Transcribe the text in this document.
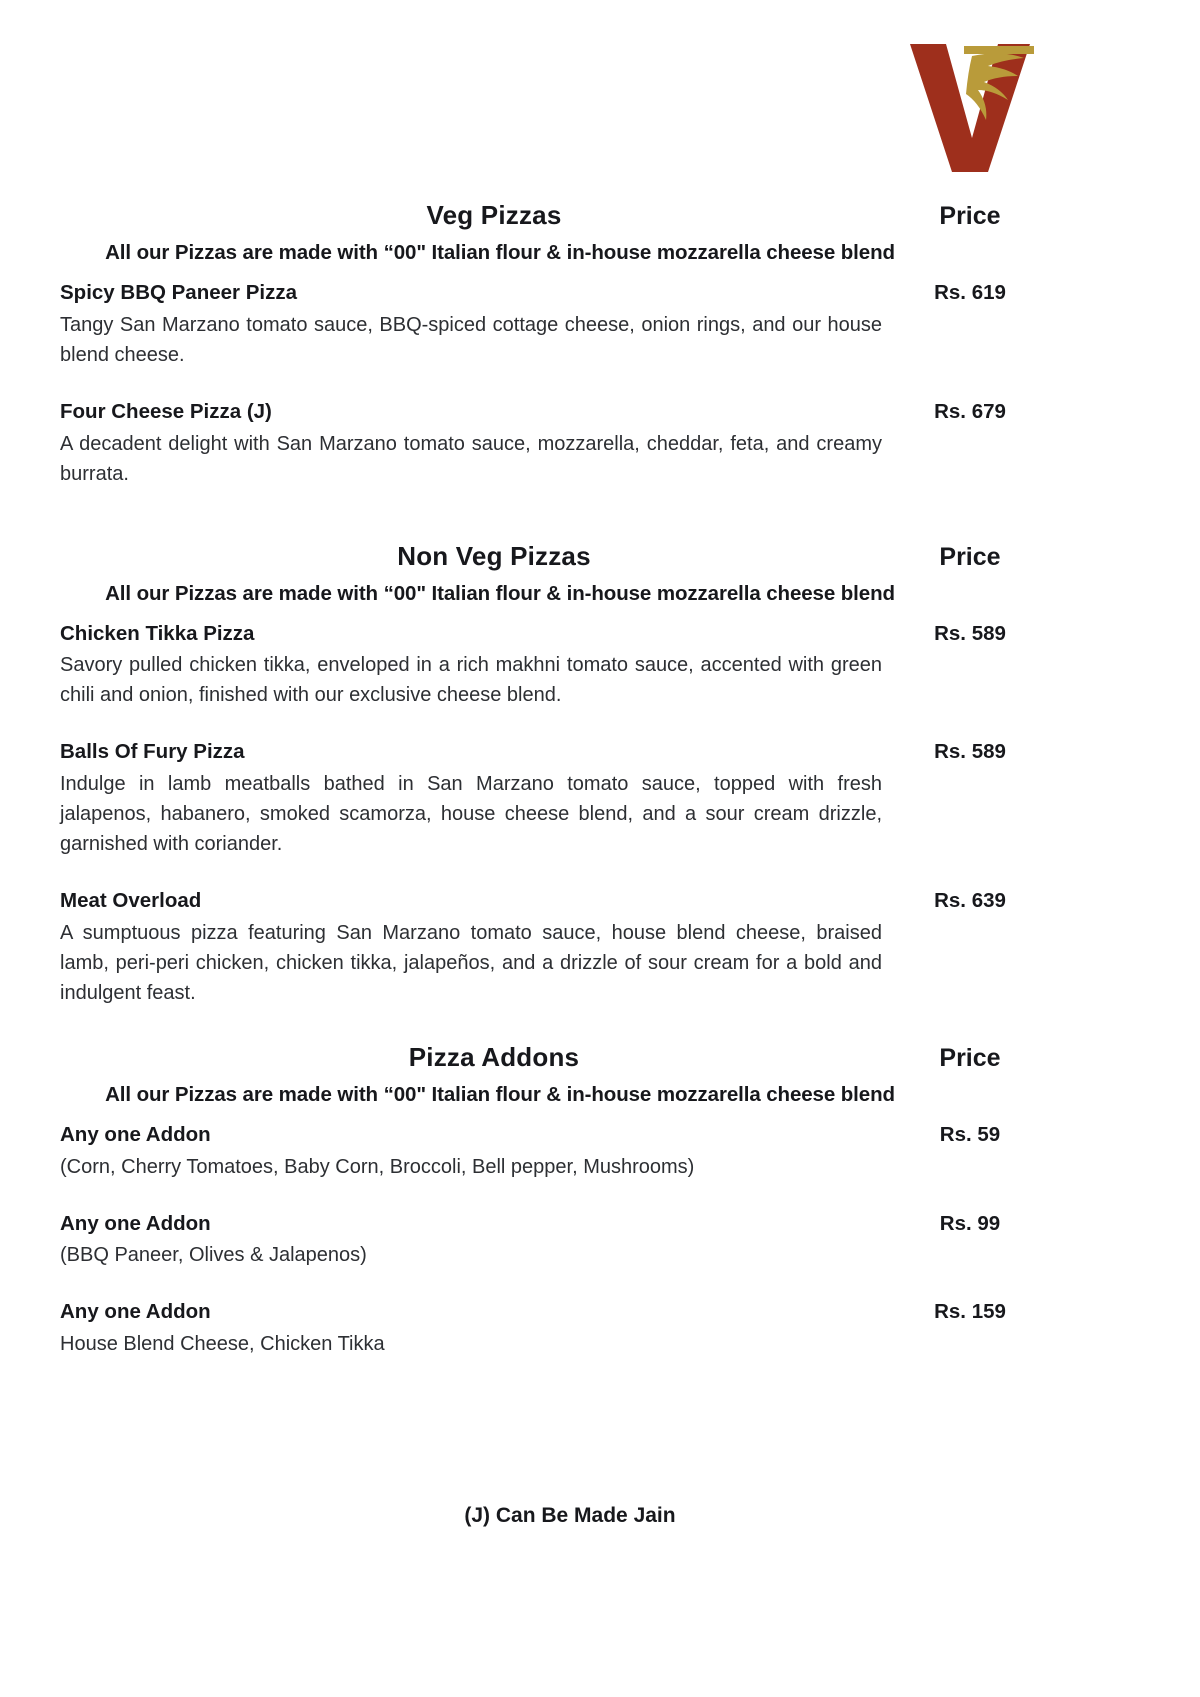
Veg Pizzas	Price
All our Pizzas are made with “00" Italian flour & in-house mozzarella cheese blend
Spicy BBQ Paneer Pizza
Tangy San Marzano tomato sauce, BBQ-spiced cottage cheese, onion rings, and our house blend cheese.
Rs. 619
Four Cheese Pizza (J)
A decadent delight with San Marzano tomato sauce, mozzarella, cheddar, feta, and creamy burrata.
Rs. 679
Non Veg Pizzas	Price
All our Pizzas are made with “00" Italian flour & in-house mozzarella cheese blend
Chicken Tikka Pizza
Savory pulled chicken tikka, enveloped in a rich makhni tomato sauce, accented with green chili and onion, finished with our exclusive cheese blend.
Rs. 589
Balls Of Fury Pizza
Indulge in lamb meatballs bathed in San Marzano tomato sauce, topped with fresh jalapenos, habanero, smoked scamorza, house cheese blend, and a sour cream drizzle, garnished with coriander.
Rs. 589
Meat Overload
A sumptuous pizza featuring San Marzano tomato sauce, house blend cheese, braised lamb, peri-peri chicken, chicken tikka, jalapeños, and a drizzle of sour cream for a bold and indulgent feast.
Rs. 639
Pizza Addons	Price
All our Pizzas are made with “00" Italian flour & in-house mozzarella cheese blend
Any one Addon
(Corn, Cherry Tomatoes, Baby Corn, Broccoli, Bell pepper, Mushrooms)
Rs. 59
Any one Addon
(BBQ Paneer, Olives & Jalapenos)
Rs. 99
Any one Addon
House Blend Cheese, Chicken Tikka
Rs. 159
(J) Can Be Made Jain
